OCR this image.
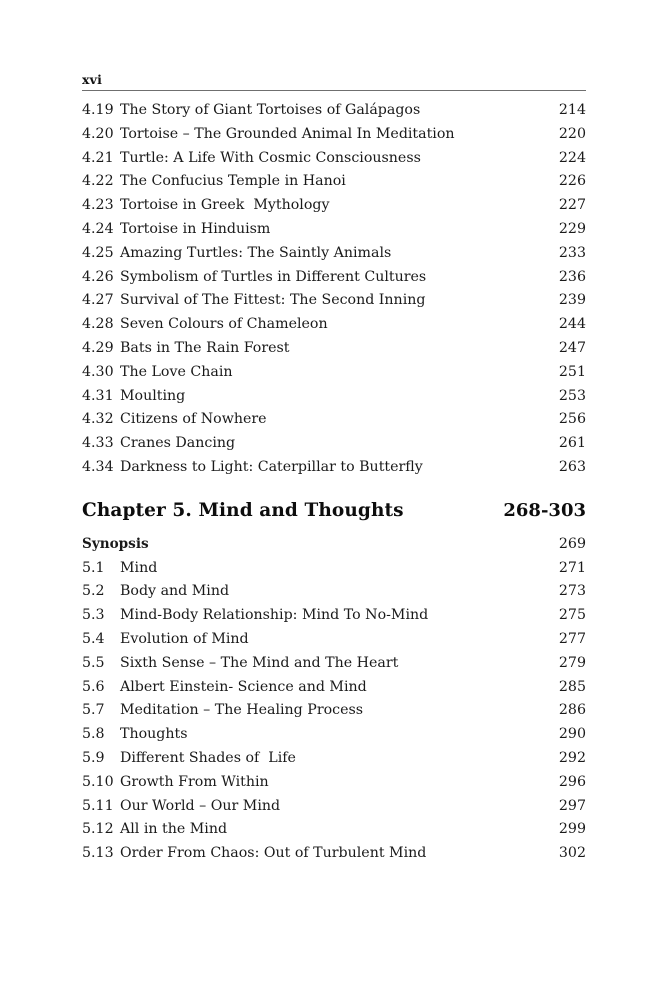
xvi
4.19 The Story of Giant Tortoises of Galápagos	214
4.20 Tortoise – The Grounded Animal In Meditation	220
4.21 Turtle: A Life With Cosmic Consciousness	224
4.22 The Confucius Temple in Hanoi	226
4.23 Tortoise in Greek  Mythology	227
4.24 Tortoise in Hinduism	229
4.25 Amazing Turtles: The Saintly Animals	233
4.26 Symbolism of Turtles in Different Cultures	236
4.27 Survival of The Fittest: The Second Inning	239
4.28 Seven Colours of Chameleon	244
4.29 Bats in The Rain Forest	247
4.30 The Love Chain	251
4.31 Moulting	253
4.32 Citizens of Nowhere	256
4.33 Cranes Dancing	261
4.34 Darkness to Light: Caterpillar to Butterfly	263
Chapter 5. Mind and Thoughts	268-303
Synopsis	269
5.1	Mind	271
5.2	Body and Mind	273
5.3	Mind-Body Relationship: Mind To No-Mind	275
5.4	Evolution of Mind	277
5.5	Sixth Sense – The Mind and The Heart	279
5.6	Albert Einstein- Science and Mind	285
5.7	Meditation – The Healing Process	286
5.8	Thoughts	290
5.9	Different Shades of  Life	292
5.10 Growth From Within	296
5.11 Our World – Our Mind	297
5.12 All in the Mind	299
5.13 Order From Chaos: Out of Turbulent Mind	302
